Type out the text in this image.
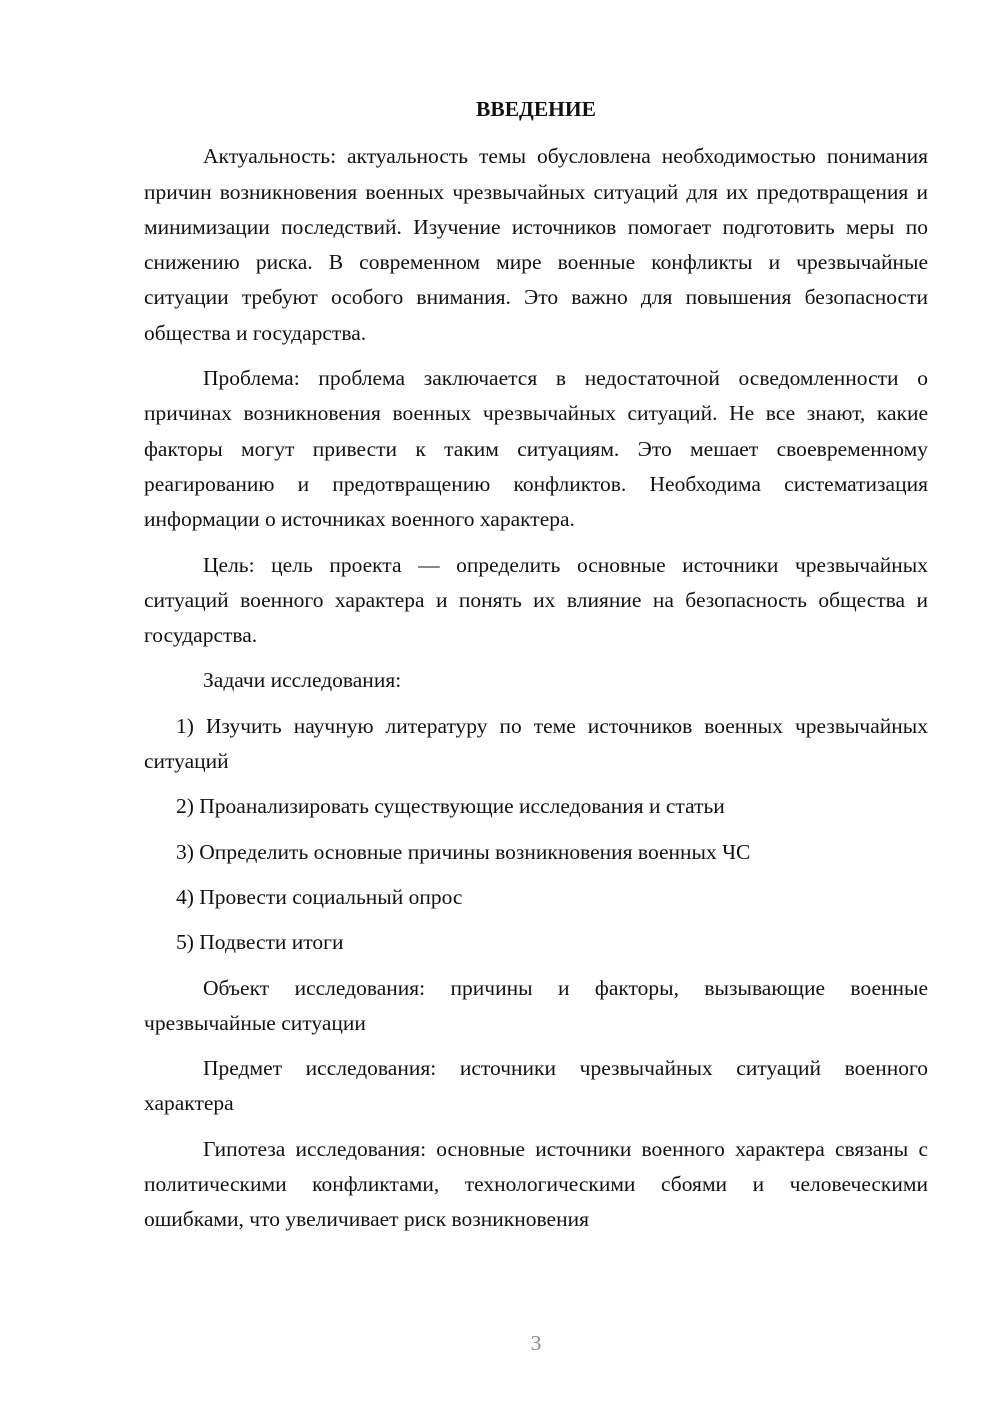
ВВЕДЕНИЕ

Актуальность: актуальность темы обусловлена необходимостью понимания причин возникновения военных чрезвычайных ситуаций для их предотвращения и минимизации последствий. Изучение источников помогает подготовить меры по снижению риска. В современном мире военные конфликты и чрезвычайные ситуации требуют особого внимания. Это важно для повышения безопасности общества и государства.

Проблема: проблема заключается в недостаточной осведомленности о причинах возникновения военных чрезвычайных ситуаций. Не все знают, какие факторы могут привести к таким ситуациям. Это мешает своевременному реагированию и предотвращению конфликтов. Необходима систематизация информации о источниках военного характера.

Цель: цель проекта — определить основные источники чрезвычайных ситуаций военного характера и понять их влияние на безопасность общества и государства.

Задачи исследования:

1) Изучить научную литературу по теме источников военных чрезвычайных ситуаций

2) Проанализировать существующие исследования и статьи

3) Определить основные причины возникновения военных ЧС

4) Провести социальный опрос

5) Подвести итоги

Объект исследования: причины и факторы, вызывающие военные чрезвычайные ситуации

Предмет исследования: источники чрезвычайных ситуаций военного характера

Гипотеза исследования: основные источники военного характера связаны с политическими конфликтами, технологическими сбоями и человеческими ошибками, что увеличивает риск возникновения

3
